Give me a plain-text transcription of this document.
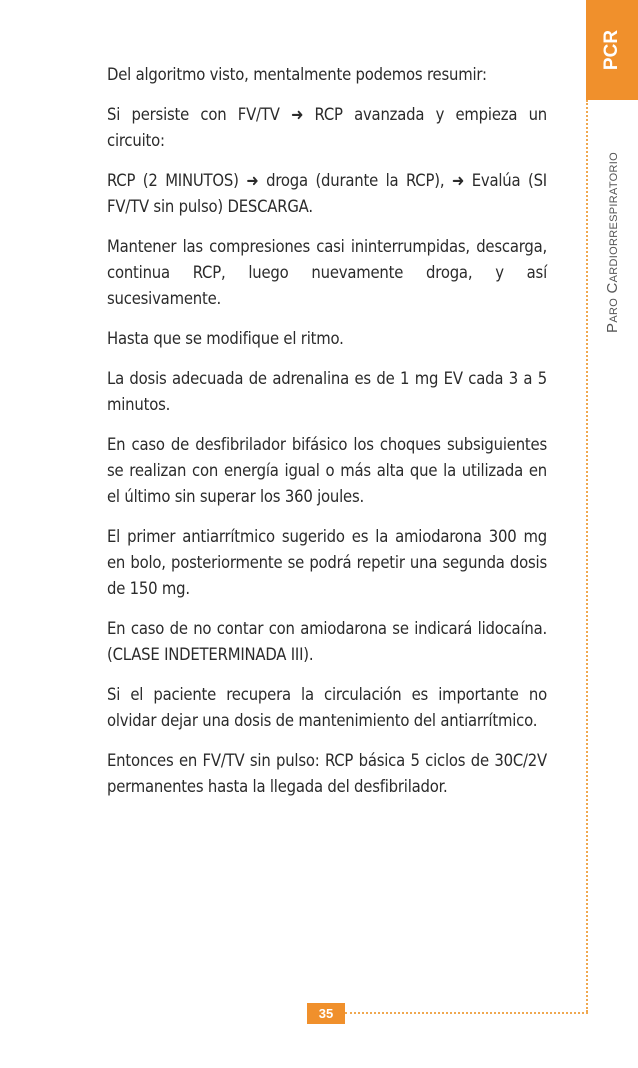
PCR
Paro Cardiorrespiratorio

Del algoritmo visto, mentalmente podemos resumir:

Si persiste con FV/TV ➜ RCP avanzada y empieza un circuito:

RCP (2 MINUTOS) ➜ droga (durante la RCP), ➜ Evalúa (SI FV/TV sin pulso) DESCARGA.

Mantener las compresiones casi ininterrumpidas, descarga, continua RCP, luego nuevamente droga, y así sucesivamente.

Hasta que se modifique el ritmo.

La dosis adecuada de adrenalina es de 1 mg EV cada 3 a 5 minutos.

En caso de desfibrilador bifásico los choques subsiguientes se realizan con energía igual o más alta que la utilizada en el último sin superar los 360 joules.

El primer antiarrítmico sugerido es la amiodarona 300 mg en bolo, posteriormente se podrá repetir una segunda dosis de 150 mg.

En caso de no contar con amiodarona se indicará lidocaína. (CLASE INDETERMINADA III).

Si el paciente recupera la circulación es importante no olvidar dejar una dosis de mantenimiento del antiarrítmico.

Entonces en FV/TV sin pulso: RCP básica 5 ciclos de 30C/2V permanentes hasta la llegada del desfibrilador.

35
